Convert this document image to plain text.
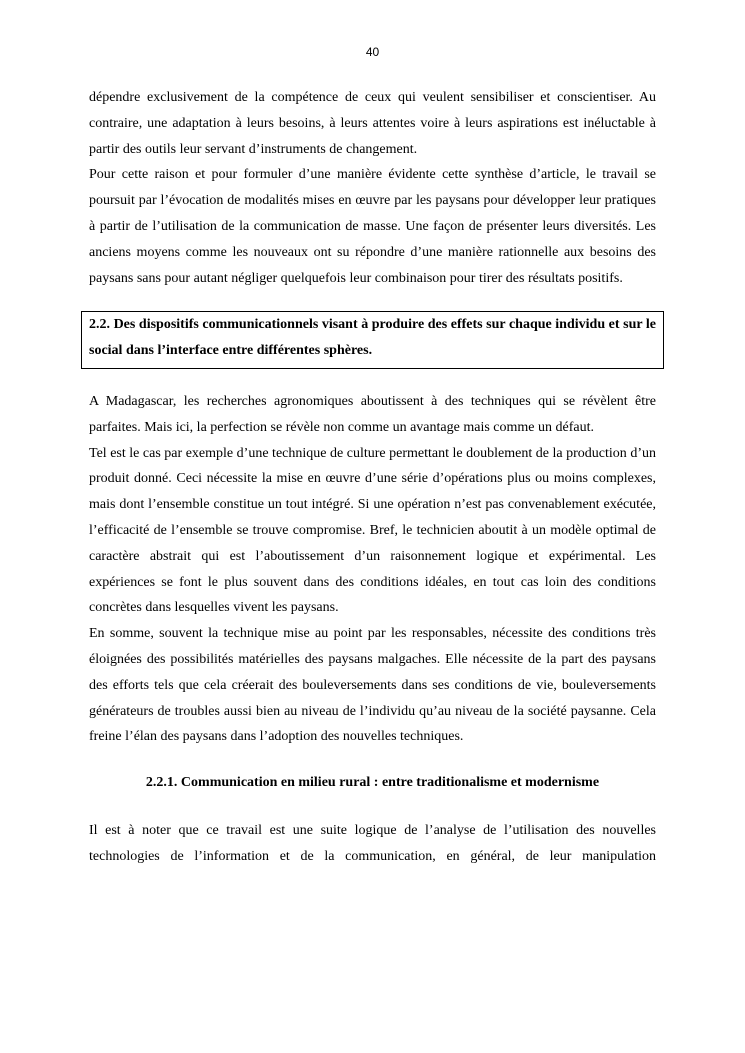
40

dépendre exclusivement de la compétence de ceux qui veulent sensibiliser et conscientiser. Au contraire, une adaptation à leurs besoins, à leurs attentes voire à leurs aspirations est inéluctable à partir des outils leur servant d’instruments de changement.

Pour cette raison et pour formuler d’une manière évidente cette synthèse d’article, le travail se poursuit par l’évocation de modalités mises en œuvre par les paysans pour développer leur pratiques à partir de l’utilisation de la communication de masse. Une façon de présenter leurs diversités. Les anciens moyens comme les nouveaux ont su répondre d’une manière rationnelle aux besoins des paysans sans pour autant négliger quelquefois leur combinaison pour tirer des résultats positifs.

2.2. Des dispositifs communicationnels visant à produire des effets sur chaque individu et sur le social dans l’interface entre différentes sphères.

A Madagascar, les recherches agronomiques aboutissent à des techniques qui se révèlent être parfaites. Mais ici, la perfection se révèle non comme un avantage mais comme un défaut.

Tel est le cas par exemple d’une technique de culture permettant le doublement de la production d’un produit donné. Ceci nécessite la mise en œuvre d’une série d’opérations plus ou moins complexes, mais dont l’ensemble constitue un tout intégré. Si une opération n’est pas convenablement exécutée, l’efficacité de l’ensemble se trouve compromise. Bref, le technicien aboutit à un modèle optimal de caractère abstrait qui est l’aboutissement d’un raisonnement logique et expérimental. Les expériences se font le plus souvent dans des conditions idéales, en tout cas loin des conditions concrètes dans lesquelles vivent les paysans.

En somme, souvent la technique mise au point par les responsables, nécessite des conditions très éloignées des possibilités matérielles des paysans malgaches. Elle nécessite de la part des paysans des efforts tels que cela créerait des bouleversements dans ses conditions de vie, bouleversements générateurs de troubles aussi bien au niveau de l’individu qu’au niveau de la société paysanne. Cela freine l’élan des paysans dans l’adoption des nouvelles techniques.

2.2.1. Communication en milieu rural : entre traditionalisme et modernisme

Il est à noter que ce travail est une suite logique de l’analyse de l’utilisation des nouvelles technologies de l’information et de la communication, en général, de leur manipulation
